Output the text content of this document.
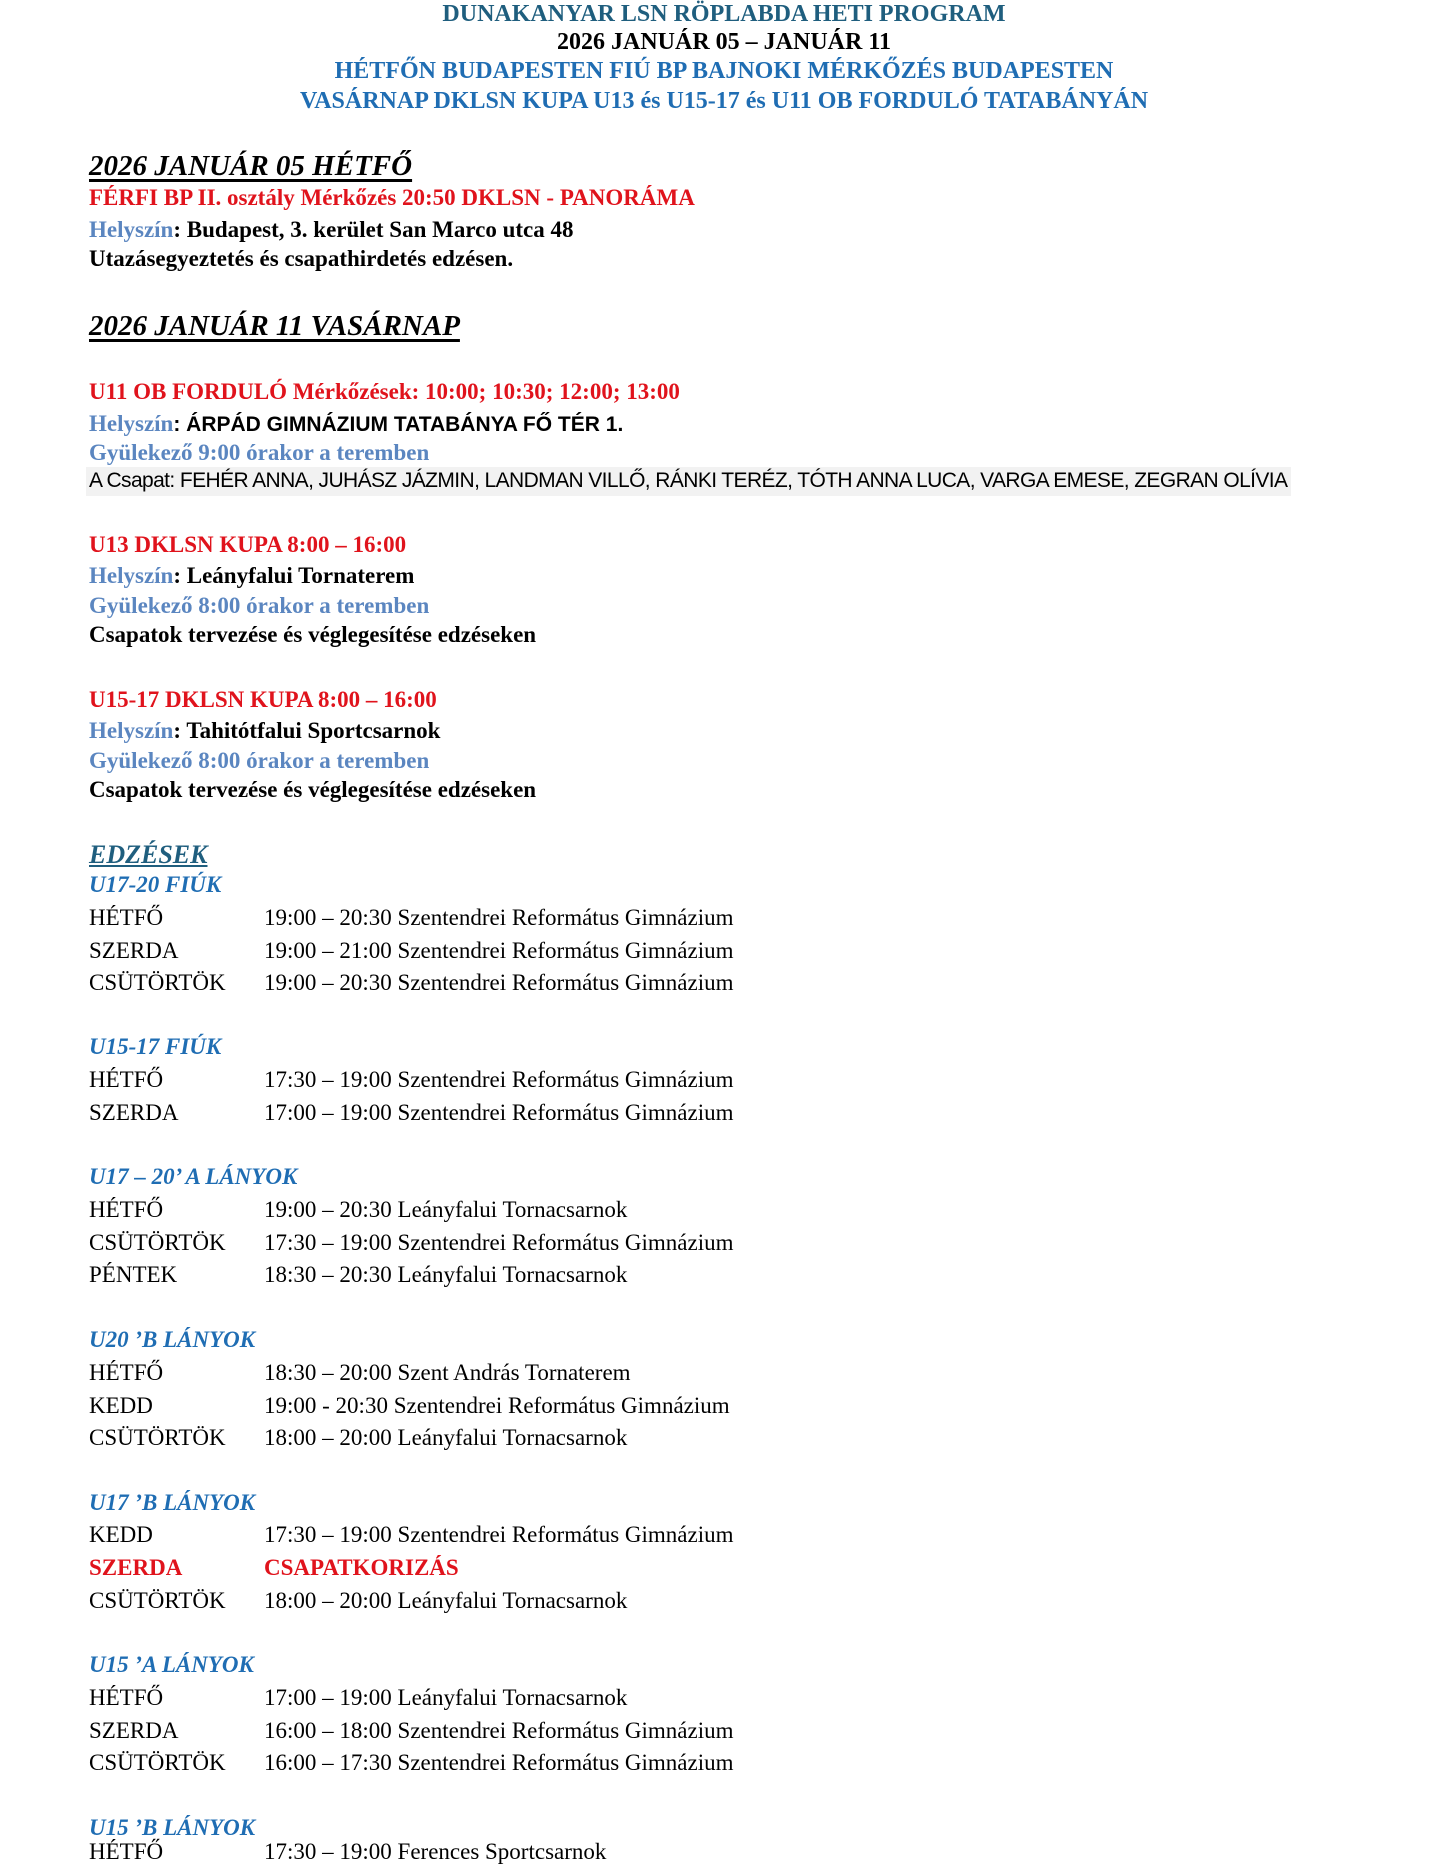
DUNAKANYAR LSN RÖPLABDA HETI PROGRAM
2026 JANUÁR 05 – JANUÁR 11
HÉTFŐN BUDAPESTEN FIÚ BP BAJNOKI MÉRKŐZÉS BUDAPESTEN
VASÁRNAP DKLSN KUPA U13 és U15-17 és U11 OB FORDULÓ TATABÁNYÁN
2026 JANUÁR 05 HÉTFŐ
FÉRFI BP II. osztály Mérkőzés 20:50 DKLSN - PANORÁMA
Helyszín: Budapest, 3. kerület San Marco utca 48
Utazásegyeztetés és csapathirdetés edzésen.
2026 JANUÁR 11 VASÁRNAP
U11 OB FORDULÓ Mérkőzések: 10:00; 10:30; 12:00; 13:00
Helyszín: ÁRPÁD GIMNÁZIUM TATABÁNYA FŐ TÉR 1.
Gyülekező 9:00 órakor a teremben
A Csapat: FEHÉR ANNA, JUHÁSZ JÁZMIN, LANDMAN VILLŐ, RÁNKI TERÉZ, TÓTH ANNA LUCA, VARGA EMESE, ZEGRAN OLÍVIA
U13 DKLSN KUPA 8:00 – 16:00
Helyszín: Leányfalui Tornaterem
Gyülekező 8:00 órakor a teremben
Csapatok tervezése és véglegesítése edzéseken
U15-17 DKLSN KUPA 8:00 – 16:00
Helyszín: Tahitótfalui Sportcsarnok
Gyülekező 8:00 órakor a teremben
Csapatok tervezése és véglegesítése edzéseken
EDZÉSEK
U17-20 FIÚK
HÉTFŐ	19:00 – 20:30 Szentendrei Református Gimnázium
SZERDA	19:00 – 21:00 Szentendrei Református Gimnázium
CSÜTÖRTÖK 19:00 – 20:30 Szentendrei Református Gimnázium
U15-17 FIÚK
HÉTFŐ	17:30 – 19:00 Szentendrei Református Gimnázium
SZERDA	17:00 – 19:00 Szentendrei Református Gimnázium
U17 – 20’ A LÁNYOK
HÉTFŐ	19:00 – 20:30 Leányfalui Tornacsarnok
CSÜTÖRTÖK 17:30 – 19:00 Szentendrei Református Gimnázium
PÉNTEK	18:30 – 20:30 Leányfalui Tornacsarnok
U20 ’B LÁNYOK
HÉTFŐ	18:30 – 20:00 Szent András Tornaterem
KEDD	19:00 - 20:30 Szentendrei Református Gimnázium
CSÜTÖRTÖK 18:00 – 20:00 Leányfalui Tornacsarnok
U17 ’B LÁNYOK
KEDD	17:30 – 19:00 Szentendrei Református Gimnázium
SZERDA	CSAPATKORIZÁS
CSÜTÖRTÖK 18:00 – 20:00 Leányfalui Tornacsarnok
U15 ’A LÁNYOK
HÉTFŐ	17:00 – 19:00 Leányfalui Tornacsarnok
SZERDA	16:00 – 18:00 Szentendrei Református Gimnázium
CSÜTÖRTÖK 16:00 – 17:30 Szentendrei Református Gimnázium
U15 ’B LÁNYOK
HÉTFŐ	17:30 – 19:00 Ferences Sportcsarnok
